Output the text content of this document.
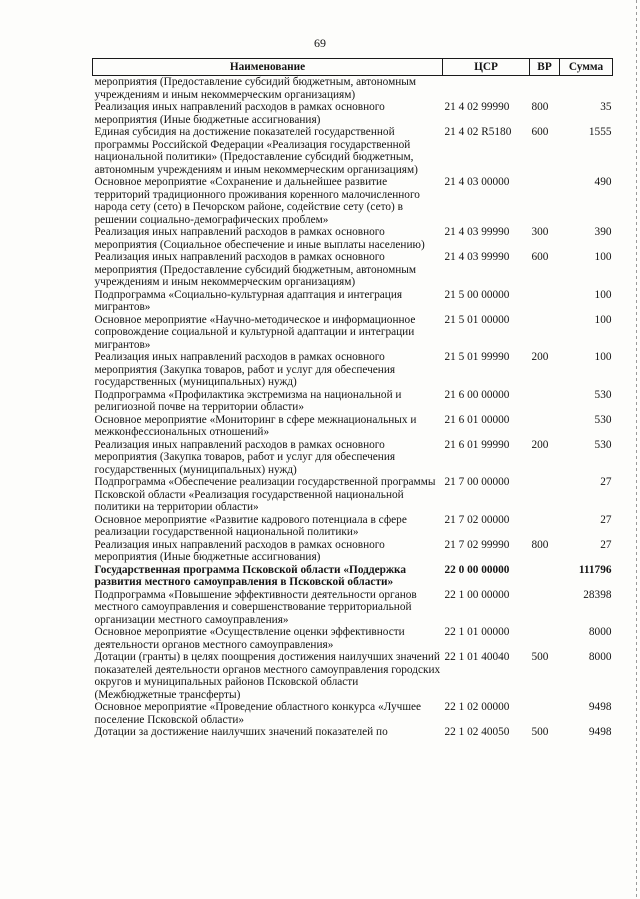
69
Наименование	ЦСР	ВР	Сумма
мероприятия (Предоставление субсидий бюджетным, автономным учреждениям и иным некоммерческим организациям)			
Реализация иных направлений расходов в рамках основного мероприятия (Иные бюджетные ассигнования)	21 4 02 99990	800	35
Единая субсидия на достижение показателей государственной программы Российской Федерации «Реализация государственной национальной политики» (Предоставление субсидий бюджетным, автономным учреждениям и иным некоммерческим организациям)	21 4 02 R5180	600	1555
Основное мероприятие «Сохранение и дальнейшее развитие территорий традиционного проживания коренного малочисленного народа сету (сето) в Печорском районе, содействие сету (сето) в решении социально-демографических проблем»	21 4 03 00000		490
Реализация иных направлений расходов в рамках основного мероприятия (Социальное обеспечение и иные выплаты населению)	21 4 03 99990	300	390
Реализация иных направлений расходов в рамках основного мероприятия (Предоставление субсидий бюджетным, автономным учреждениям и иным некоммерческим организациям)	21 4 03 99990	600	100
Подпрограмма «Социально-культурная адаптация и интеграция мигрантов»	21 5 00 00000		100
Основное мероприятие «Научно-методическое и информационное сопровождение социальной и культурной адаптации и интеграции мигрантов»	21 5 01 00000		100
Реализация иных направлений расходов в рамках основного мероприятия (Закупка товаров, работ и услуг для обеспечения государственных (муниципальных) нужд)	21 5 01 99990	200	100
Подпрограмма «Профилактика экстремизма на национальной и религиозной почве на территории области»	21 6 00 00000		530
Основное мероприятие «Мониторинг в сфере межнациональных и межконфессиональных отношений»	21 6 01 00000		530
Реализация иных направлений расходов в рамках основного мероприятия (Закупка товаров, работ и услуг для обеспечения государственных (муниципальных) нужд)	21 6 01 99990	200	530
Подпрограмма «Обеспечение реализации государственной программы Псковской области «Реализация государственной национальной политики на территории области»	21 7 00 00000		27
Основное мероприятие «Развитие кадрового потенциала в сфере реализации государственной национальной политики»	21 7 02 00000		27
Реализация иных направлений расходов в рамках основного мероприятия (Иные бюджетные ассигнования)	21 7 02 99990	800	27
Государственная программа Псковской области «Поддержка развития местного самоуправления в Псковской области»	22 0 00 00000		111796
Подпрограмма «Повышение эффективности деятельности органов местного самоуправления и совершенствование территориальной организации местного самоуправления»	22 1 00 00000		28398
Основное мероприятие «Осуществление оценки эффективности деятельности органов местного самоуправления»	22 1 01 00000		8000
Дотации (гранты) в целях поощрения достижения наилучших значений показателей деятельности органов местного самоуправления городских округов и муниципальных районов Псковской области (Межбюджетные трансферты)	22 1 01 40040	500	8000
Основное мероприятие «Проведение областного конкурса «Лучшее поселение Псковской области»	22 1 02 00000		9498
Дотации за достижение наилучших значений показателей по	22 1 02 40050	500	9498
